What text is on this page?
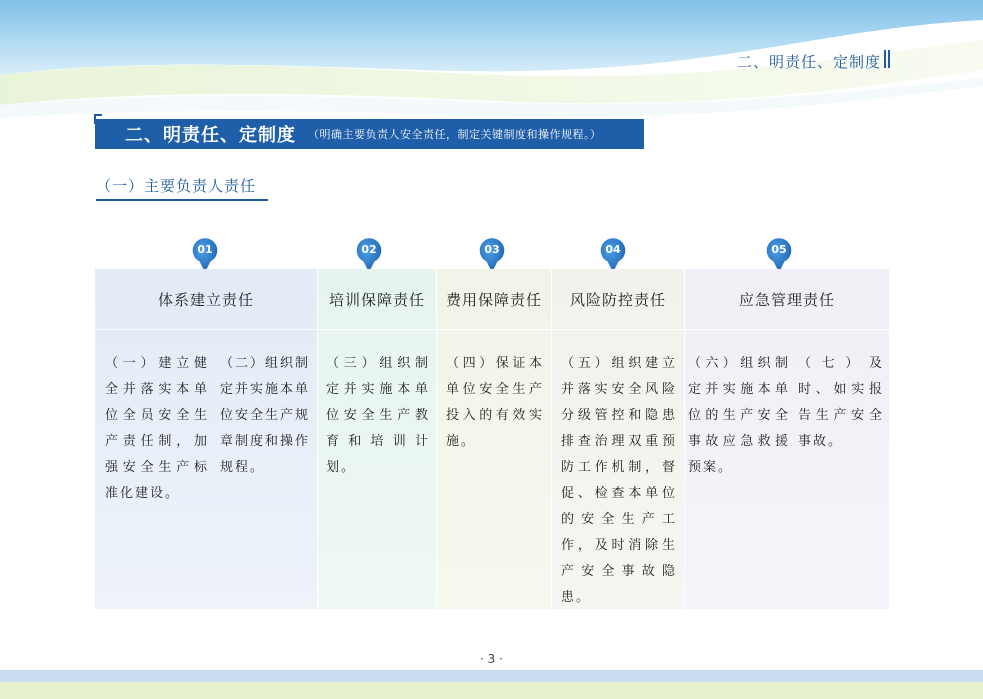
二、明责任、定制度
二、明责任、定制度 （明确主要负责人安全责任，制定关键制度和操作规程。）
（一）主要负责人责任
01	02	03	04	05
体系建立责任
（一）建立健全并落实本单位全员安全生产责任制，加强安全生产标准化建设。
（二）组织制定并实施本单位安全生产规章制度和操作规程。
培训保障责任
（三）组织制定并实施本单位安全生产教育和培训计划。
费用保障责任
（四）保证本单位安全生产投入的有效实施。
风险防控责任
（五）组织建立并落实安全风险分级管控和隐患排查治理双重预防工作机制，督促、检查本单位的安全生产工作，及时消除生产安全事故隐患。
应急管理责任
（六）组织制定并实施本单位的生产安全事故应急救援预案。
（七）及时、如实报告生产安全事故。
· 3 ·
